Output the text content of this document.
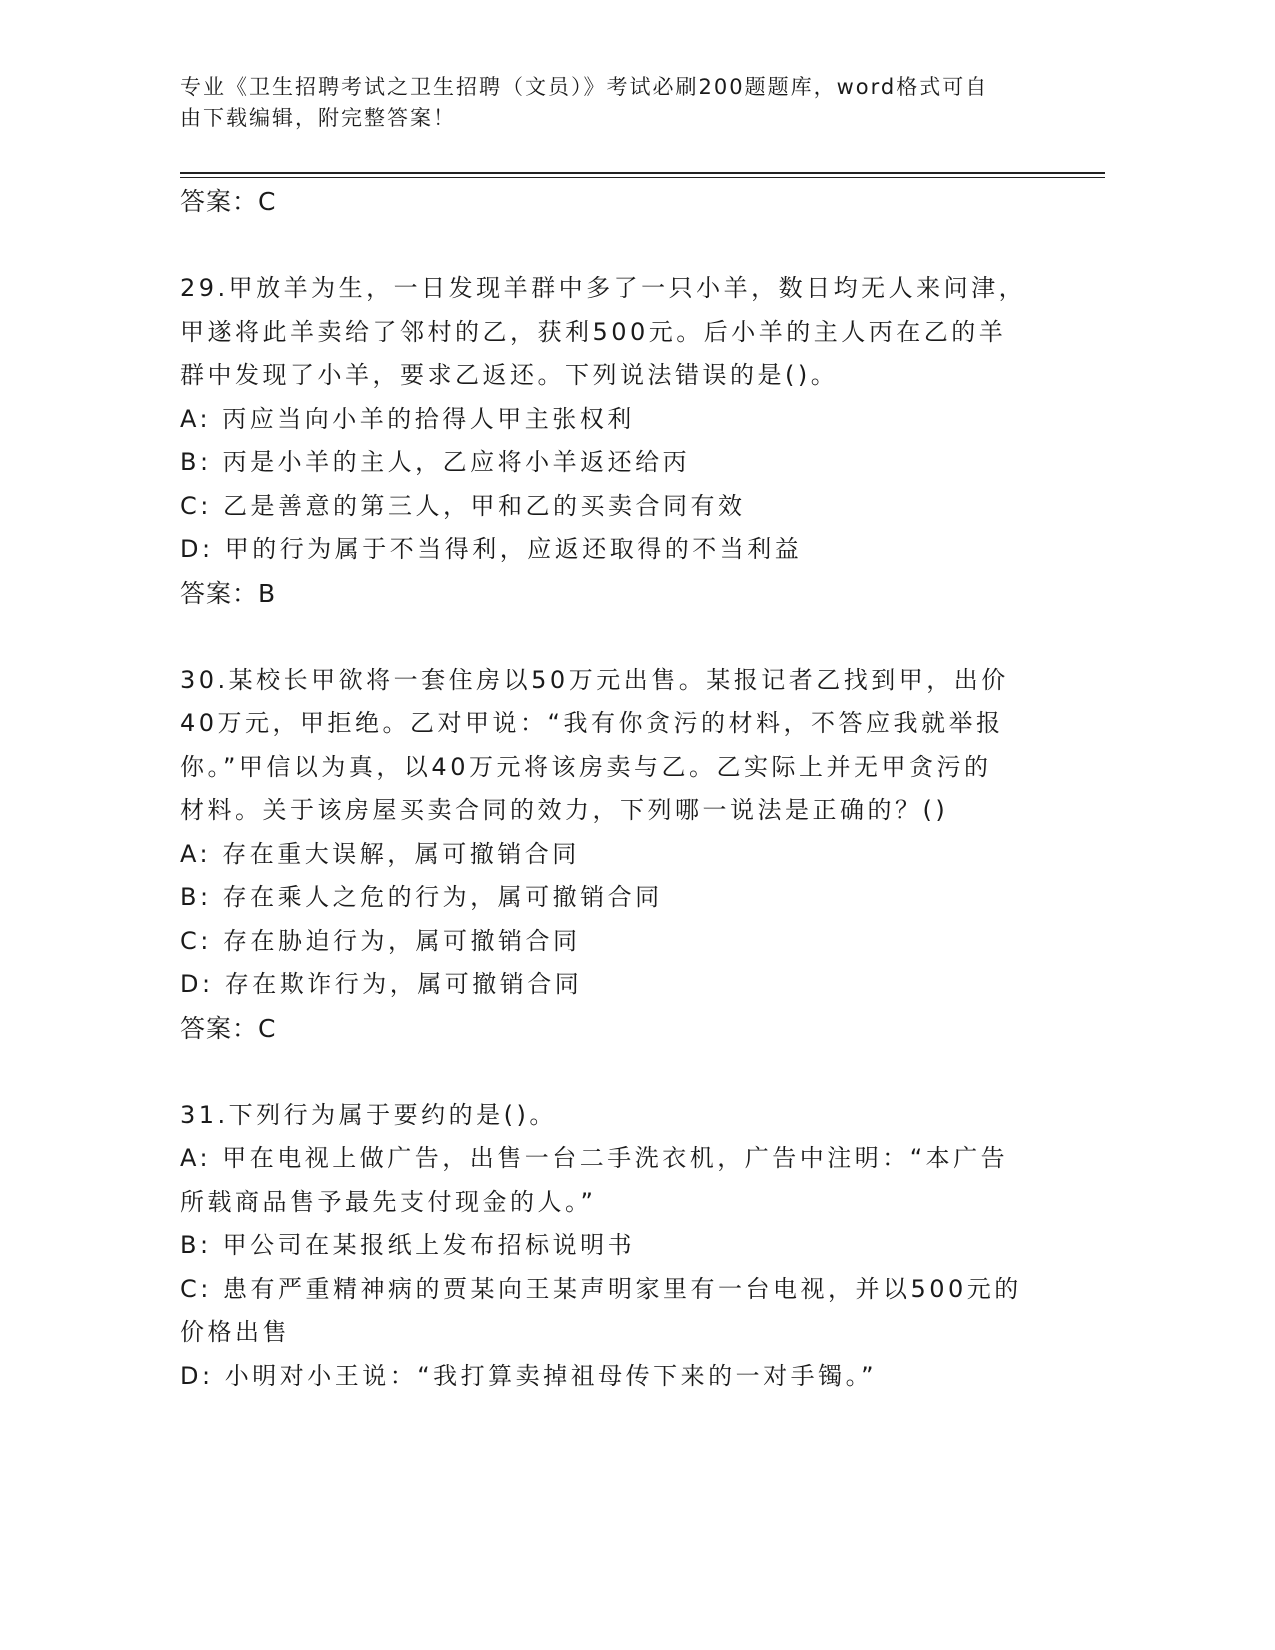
专业《卫生招聘考试之卫生招聘（文员）》考试必刷200题题库，word格式可自
由下载编辑，附完整答案！
答案：C
29.甲放羊为生，一日发现羊群中多了一只小羊，数日均无人来问津，
甲遂将此羊卖给了邻村的乙，获利500元。后小羊的主人丙在乙的羊
群中发现了小羊，要求乙返还。下列说法错误的是()。
A: 丙应当向小羊的拾得人甲主张权利
B: 丙是小羊的主人，乙应将小羊返还给丙
C: 乙是善意的第三人，甲和乙的买卖合同有效
D: 甲的行为属于不当得利，应返还取得的不当利益
答案：B
30.某校长甲欲将一套住房以50万元出售。某报记者乙找到甲，出价
40万元，甲拒绝。乙对甲说：“我有你贪污的材料，不答应我就举报
你。”甲信以为真，以40万元将该房卖与乙。乙实际上并无甲贪污的
材料。关于该房屋买卖合同的效力，下列哪一说法是正确的？()
A: 存在重大误解，属可撤销合同
B: 存在乘人之危的行为，属可撤销合同
C: 存在胁迫行为，属可撤销合同
D: 存在欺诈行为，属可撤销合同
答案：C
31.下列行为属于要约的是()。
A: 甲在电视上做广告，出售一台二手洗衣机，广告中注明：“本广告
所载商品售予最先支付现金的人。”
B: 甲公司在某报纸上发布招标说明书
C: 患有严重精神病的贾某向王某声明家里有一台电视，并以500元的
价格出售
D: 小明对小王说：“我打算卖掉祖母传下来的一对手镯。”
